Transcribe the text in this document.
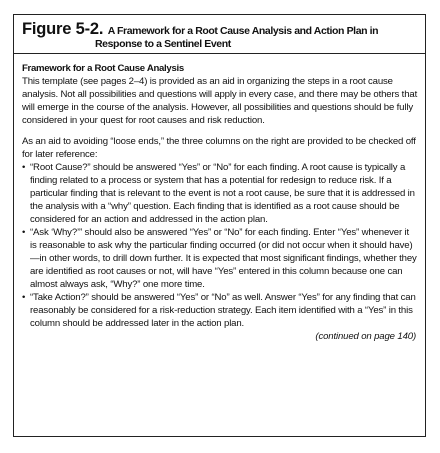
Figure 5-2. A Framework for a Root Cause Analysis and Action Plan in
Response to a Sentinel Event
Framework for a Root Cause Analysis

This template (see pages 2–4) is provided as an aid in organizing the steps in a root cause analysis. Not all possibilities and questions will apply in every case, and there may be others that will emerge in the course of the analysis. However, all possibilities and questions should be fully considered in your quest for root causes and risk reduction.

As an aid to avoiding “loose ends,” the three columns on the right are provided to be checked off for later reference:

• “Root Cause?” should be answered “Yes” or “No” for each finding. A root cause is typically a finding related to a process or system that has a potential for redesign to reduce risk. If a particular finding that is relevant to the event is not a root cause, be sure that it is addressed in the analysis with a “why” question. Each finding that is identified as a root cause should be considered for an action and addressed in the action plan.
• “Ask ‘Why?’” should also be answered “Yes” or “No” for each finding. Enter “Yes” whenever it is reasonable to ask why the particular finding occurred (or did not occur when it should have)—in other words, to drill down further. It is expected that most significant findings, whether they are identified as root causes or not, will have “Yes” entered in this column because one can almost always ask, “Why?” one more time.
• “Take Action?” should be answered “Yes” or “No” as well. Answer “Yes” for any finding that can reasonably be considered for a risk-reduction strategy. Each item identified with a “Yes” in this column should be addressed later in the action plan.

(continued on page 140)
